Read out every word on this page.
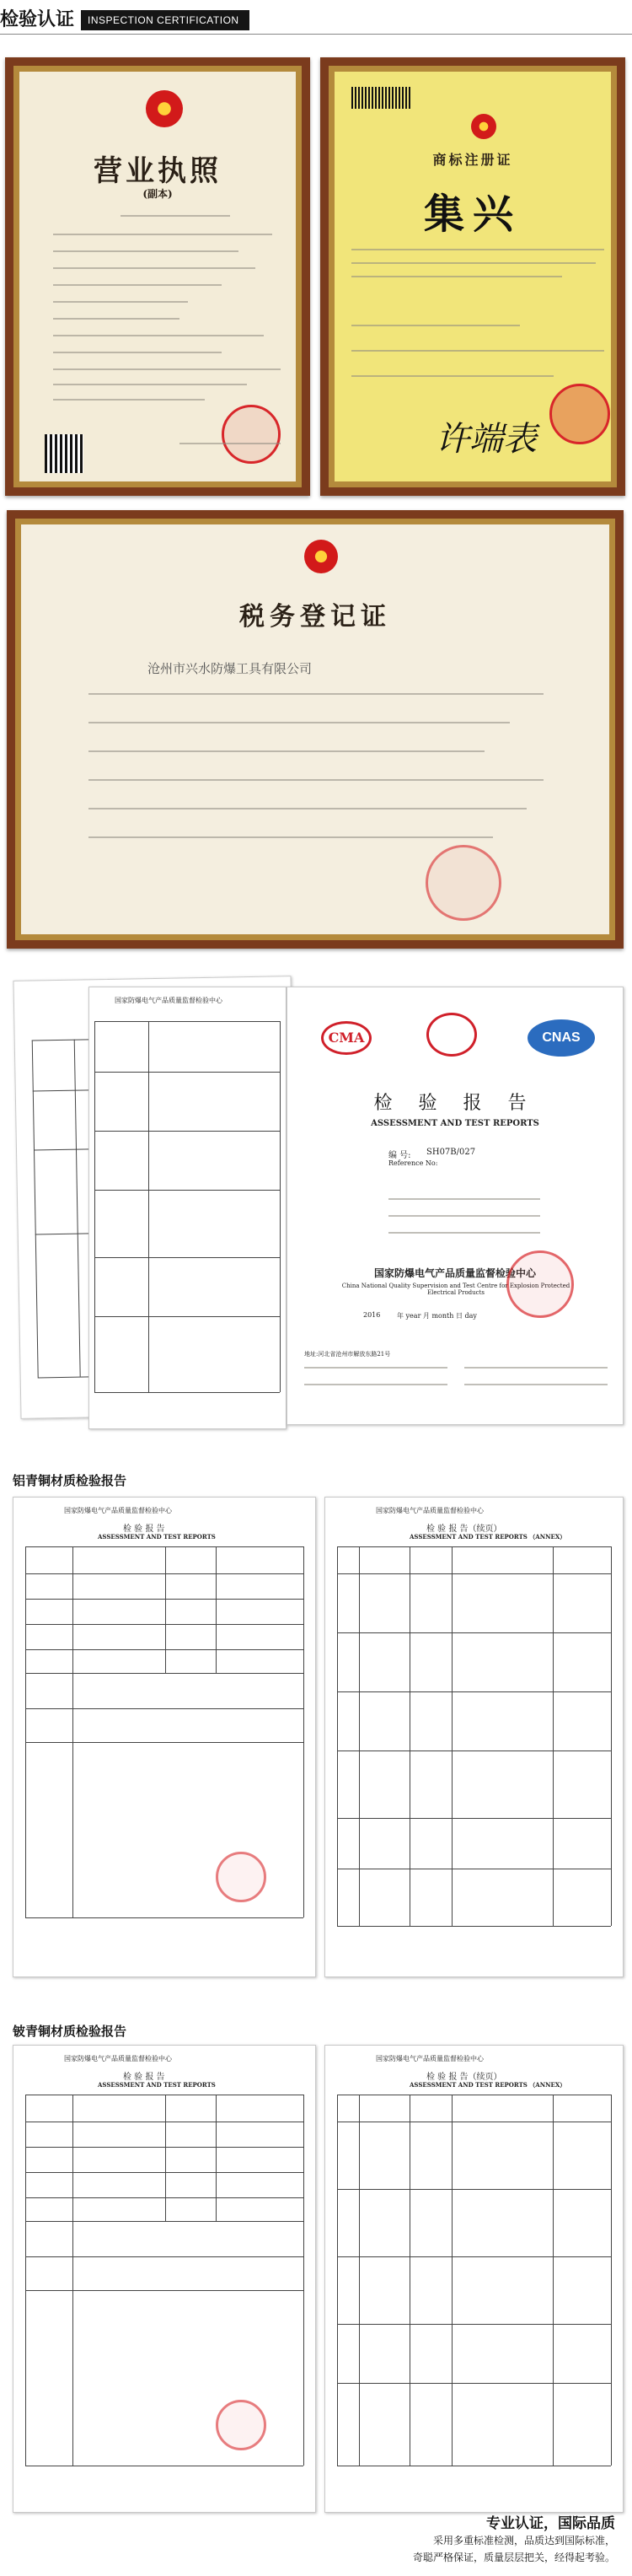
检验认证	INSPECTION CERTIFICATION
营业执照
(副本)
商标注册证
集兴
许端表
税务登记证
沧州市兴水防爆工具有限公司
国家防爆电气产品质量监督检验中心
CMA	CNAS
检 验 报 告
ASSESSMENT AND TEST REPORTS
编 号: SH07B/027
Reference No:
国家防爆电气产品质量监督检验中心
China National Quality Supervision and Test Centre for Explosion Protected Electrical Products
2016 年 year 月 month 日 day
地址:河北省沧州市解放东路21号
铝青铜材质检验报告
国家防爆电气产品质量监督检验中心
检 验 报 告
ASSESSMENT AND TEST REPORTS
国家防爆电气产品质量监督检验中心
检 验 报 告（续页）
ASSESSMENT AND TEST REPORTS （ANNEX）
铍青铜材质检验报告
国家防爆电气产品质量监督检验中心
检 验 报 告
ASSESSMENT AND TEST REPORTS
国家防爆电气产品质量监督检验中心
检 验 报 告（续页）
ASSESSMENT AND TEST REPORTS （ANNEX）
专业认证，国际品质
采用多重标准检测，品质达到国际标准，
奇聪严格保证，质量层层把关，经得起考验。
